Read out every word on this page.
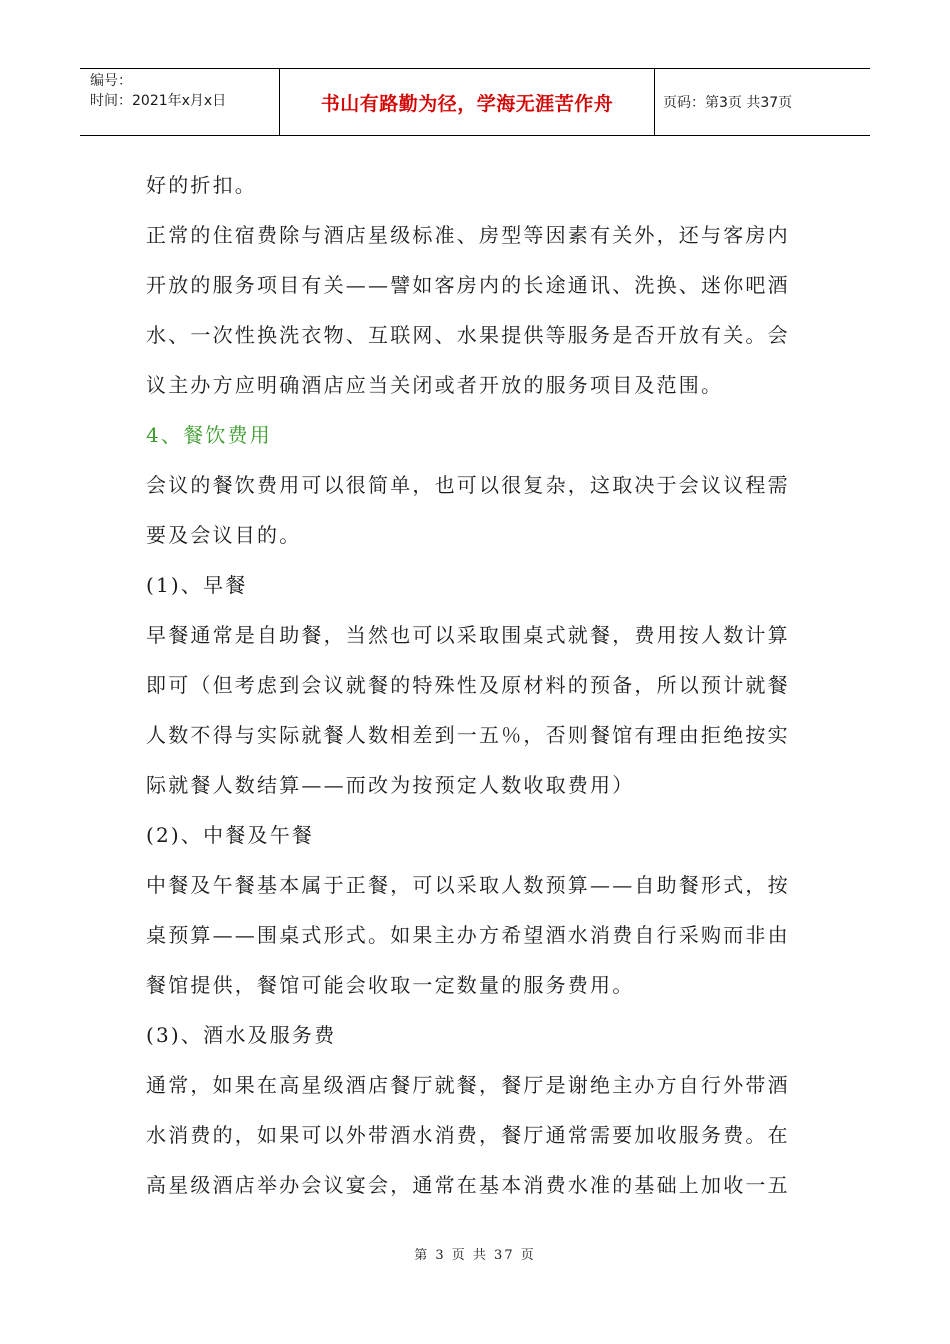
编号：
时间：2021年x月x日	书山有路勤为径，学海无涯苦作舟	页码：第3页 共37页
好的折扣。
正常的住宿费除与酒店星级标准、房型等因素有关外，还与客房内
开放的服务项目有关——譬如客房内的长途通讯、洗换、迷你吧酒
水、一次性换洗衣物、互联网、水果提供等服务是否开放有关。会
议主办方应明确酒店应当关闭或者开放的服务项目及范围。
4、餐饮费用
会议的餐饮费用可以很简单，也可以很复杂，这取决于会议议程需
要及会议目的。
(1)、早餐
早餐通常是自助餐，当然也可以采取围桌式就餐，费用按人数计算
即可（但考虑到会议就餐的特殊性及原材料的预备，所以预计就餐
人数不得与实际就餐人数相差到一五％，否则餐馆有理由拒绝按实
际就餐人数结算——而改为按预定人数收取费用）
(2)、中餐及午餐
中餐及午餐基本属于正餐，可以采取人数预算——自助餐形式，按
桌预算——围桌式形式。如果主办方希望酒水消费自行采购而非由
餐馆提供，餐馆可能会收取一定数量的服务费用。
(3)、酒水及服务费
通常，如果在高星级酒店餐厅就餐，餐厅是谢绝主办方自行外带酒
水消费的，如果可以外带酒水消费，餐厅通常需要加收服务费。在
高星级酒店举办会议宴会，通常在基本消费水准的基础上加收一五
第 3 页 共 37 页
